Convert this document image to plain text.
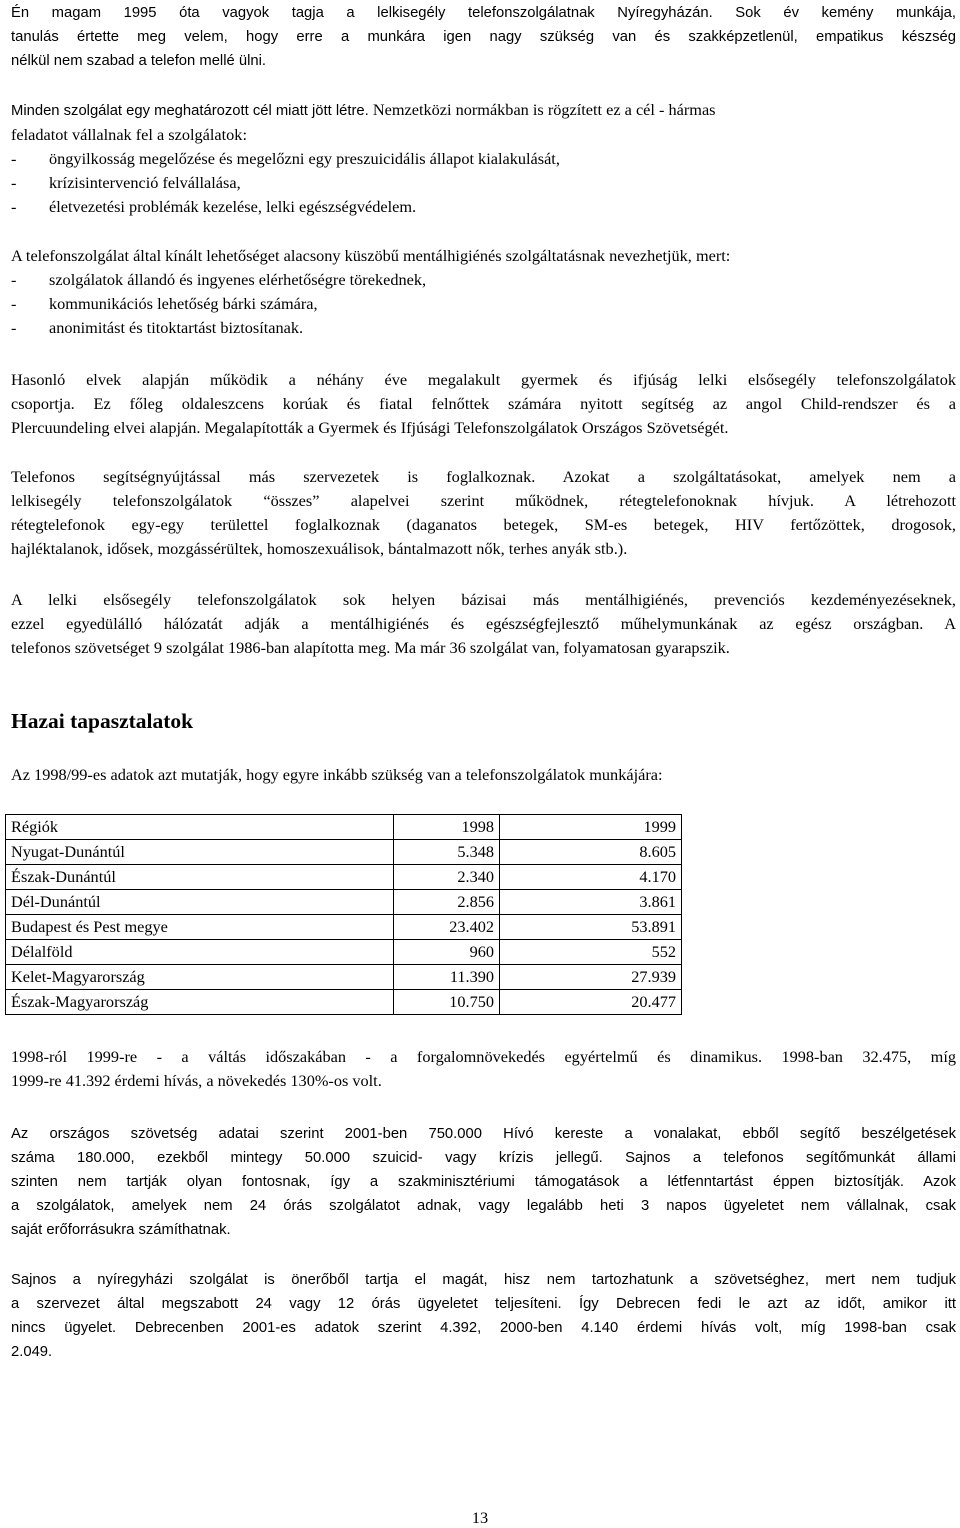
Én magam 1995 óta vagyok tagja a lelkisegély telefonszolgálatnak Nyíregyházán. Sok év kemény munkája,
tanulás értette meg velem, hogy erre a munkára igen nagy szükség van és szakképzetlenül, empatikus készség
nélkül nem szabad a telefon mellé ülni.
Minden szolgálat egy meghatározott cél miatt jött létre. Nemzetközi normákban is rögzített ez a cél - hármas
feladatot vállalnak fel a szolgálatok:
- öngyilkosság megelőzése és megelőzni egy preszuicidális állapot kialakulását,
- krízisintervenció felvállalása,
- életvezetési problémák kezelése, lelki egészségvédelem.
A telefonszolgálat által kínált lehetőséget alacsony küszöbű mentálhigiénés szolgáltatásnak nevezhetjük, mert:
- szolgálatok állandó és ingyenes elérhetőségre törekednek,
- kommunikációs lehetőség bárki számára,
- anonimitást és titoktartást biztosítanak.
Hasonló elvek alapján működik a néhány éve megalakult gyermek és ifjúság lelki elsősegély telefonszolgálatok
csoportja. Ez főleg oldaleszcens korúak és fiatal felnőttek számára nyitott segítség az angol Child-rendszer és a
Plercuundeling elvei alapján. Megalapították a Gyermek és Ifjúsági Telefonszolgálatok Országos Szövetségét.
Telefonos segítségnyújtással más szervezetek is foglalkoznak. Azokat a szolgáltatásokat, amelyek nem a
lelkisegély telefonszolgálatok “összes” alapelvei szerint működnek, rétegtelefonoknak hívjuk. A létrehozott
rétegtelefonok egy-egy területtel foglalkoznak (daganatos betegek, SM-es betegek, HIV fertőzöttek, drogosok,
hajléktalanok, idősek, mozgássérültek, homoszexuálisok, bántalmazott nők, terhes anyák stb.).
A lelki elsősegély telefonszolgálatok sok helyen bázisai más mentálhigiénés, prevenciós kezdeményezéseknek,
ezzel egyedülálló hálózatát adják a mentálhigiénés és egészségfejlesztő műhelymunkának az egész országban. A
telefonos szövetséget 9 szolgálat 1986-ban alapította meg. Ma már 36 szolgálat van, folyamatosan gyarapszik.
Hazai tapasztalatok
Az 1998/99-es adatok azt mutatják, hogy egyre inkább szükség van a telefonszolgálatok munkájára:
Régiók	1998	1999
Nyugat-Dunántúl	5.348	8.605
Észak-Dunántúl	2.340	4.170
Dél-Dunántúl	2.856	3.861
Budapest és Pest megye	23.402	53.891
Délalföld	960	552
Kelet-Magyarország	11.390	27.939
Észak-Magyarország	10.750	20.477
1998-ról 1999-re - a váltás időszakában - a forgalomnövekedés egyértelmű és dinamikus. 1998-ban 32.475, míg
1999-re 41.392 érdemi hívás, a növekedés 130%-os volt.
Az országos szövetség adatai szerint 2001-ben 750.000 Hívó kereste a vonalakat, ebből segítő beszélgetések
száma 180.000, ezekből mintegy 50.000 szuicid- vagy krízis jellegű. Sajnos a telefonos segítőmunkát állami
szinten nem tartják olyan fontosnak, így a szakminisztériumi támogatások a létfenntartást éppen biztosítják. Azok
a szolgálatok, amelyek nem 24 órás szolgálatot adnak, vagy legalább heti 3 napos ügyeletet nem vállalnak, csak
saját erőforrásukra számíthatnak.
Sajnos a nyíregyházi szolgálat is önerőből tartja el magát, hisz nem tartozhatunk a szövetséghez, mert nem tudjuk
a szervezet által megszabott 24 vagy 12 órás ügyeletet teljesíteni. Így Debrecen fedi le azt az időt, amikor itt
nincs ügyelet. Debrecenben 2001-es adatok szerint 4.392, 2000-ben 4.140 érdemi hívás volt, míg 1998-ban csak
2.049.
13
